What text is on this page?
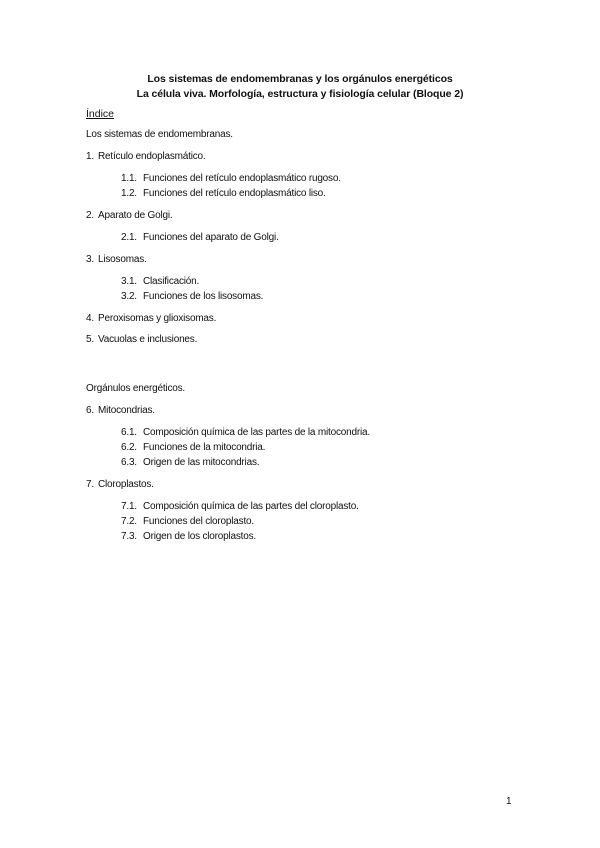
Los sistemas de endomembranas y los orgánulos energéticos
La célula viva. Morfología, estructura y fisiología celular (Bloque 2)
Índice
Los sistemas de endomembranas.
1. Retículo endoplasmático.
1.1. Funciones del retículo endoplasmático rugoso.
1.2. Funciones del retículo endoplasmático liso.
2. Aparato de Golgi.
2.1. Funciones del aparato de Golgi.
3. Lisosomas.
3.1. Clasificación.
3.2. Funciones de los lisosomas.
4. Peroxisomas y glioxisomas.
5. Vacuolas e inclusiones.
Orgánulos energéticos.
6. Mitocondrias.
6.1. Composición química de las partes de la mitocondria.
6.2. Funciones de la mitocondria.
6.3. Origen de las mitocondrias.
7. Cloroplastos.
7.1. Composición química de las partes del cloroplasto.
7.2. Funciones del cloroplasto.
7.3. Origen de los cloroplastos.
1
